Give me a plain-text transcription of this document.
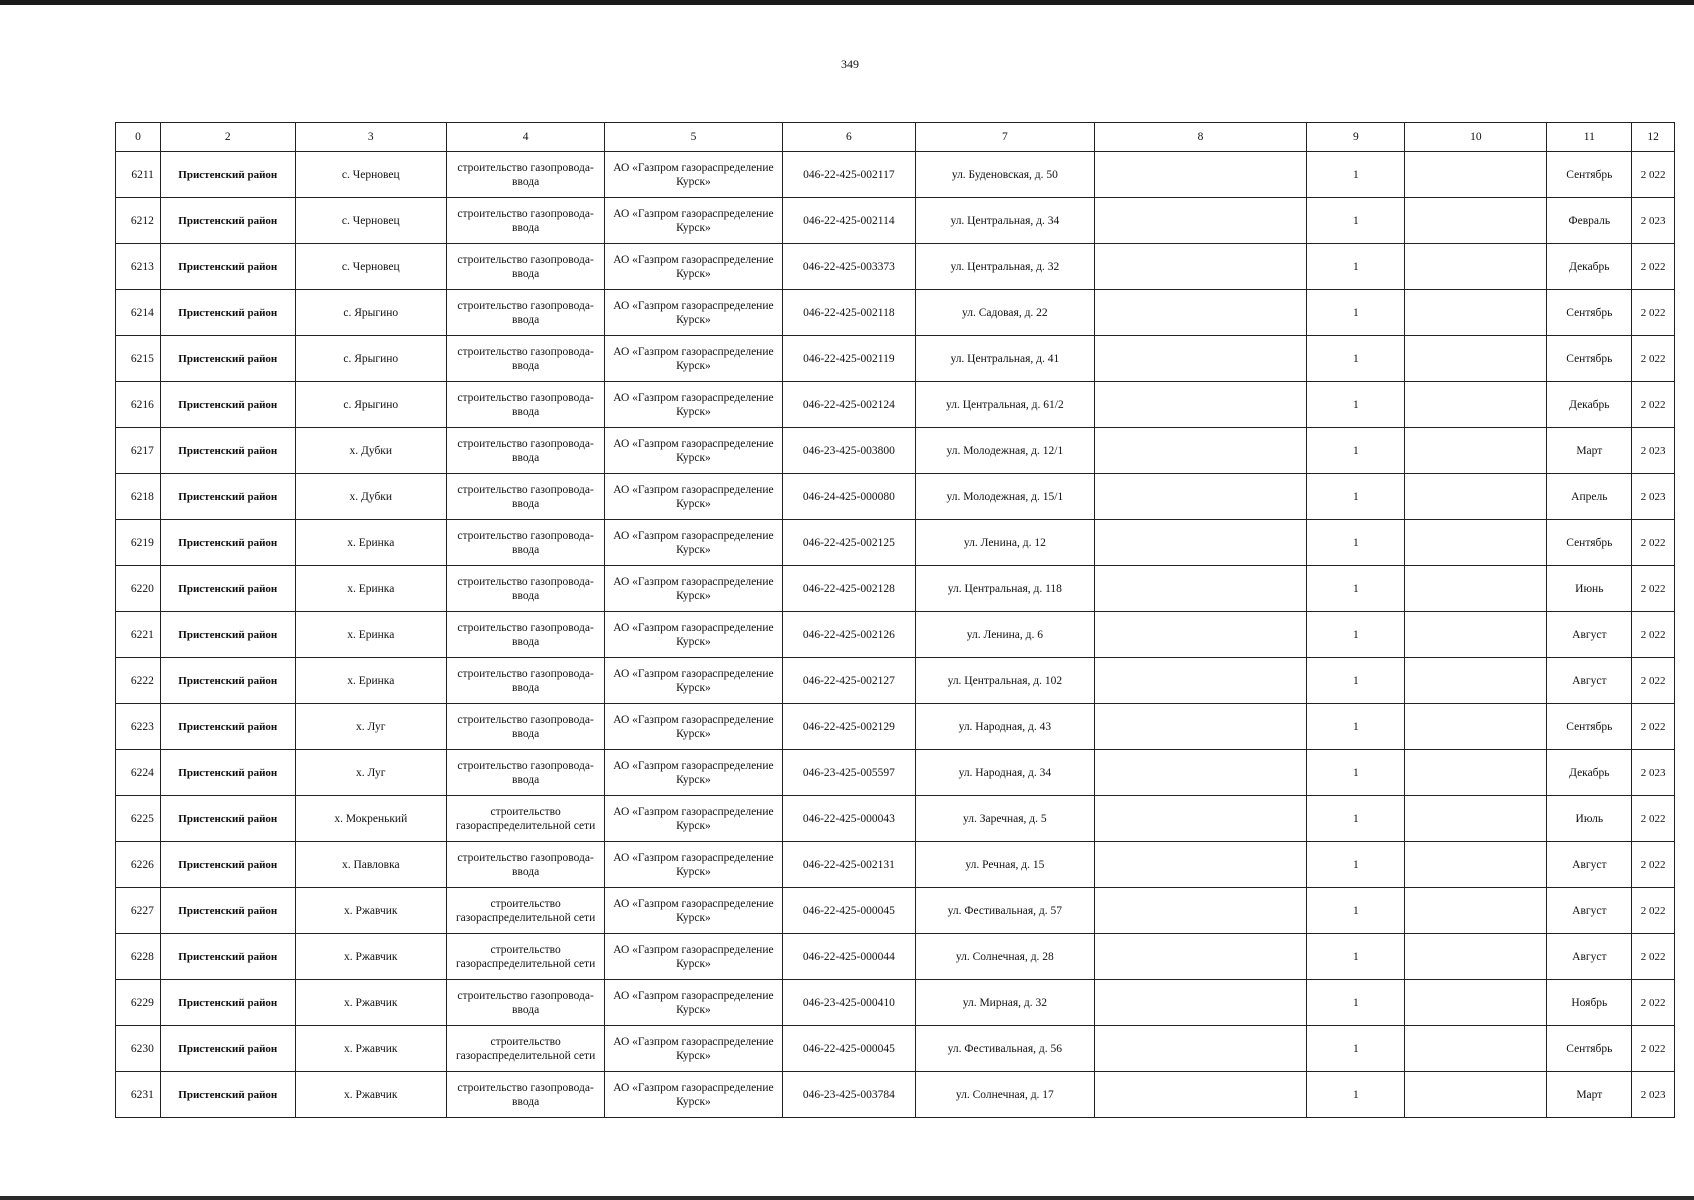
349
0	2	3	4	5	6	7	8	9	10	11	12
6211	Пристенский район	с. Черновец	строительство газопровода-ввода	АО «Газпром газораспределение Курск»	046-22-425-002117	ул. Буденовская, д. 50		1		Сентябрь	2 022
6212	Пристенский район	с. Черновец	строительство газопровода-ввода	АО «Газпром газораспределение Курск»	046-22-425-002114	ул. Центральная, д. 34		1		Февраль	2 023
6213	Пристенский район	с. Черновец	строительство газопровода-ввода	АО «Газпром газораспределение Курск»	046-22-425-003373	ул. Центральная, д. 32		1		Декабрь	2 022
6214	Пристенский район	с. Ярыгино	строительство газопровода-ввода	АО «Газпром газораспределение Курск»	046-22-425-002118	ул. Садовая, д. 22		1		Сентябрь	2 022
6215	Пристенский район	с. Ярыгино	строительство газопровода-ввода	АО «Газпром газораспределение Курск»	046-22-425-002119	ул. Центральная, д. 41		1		Сентябрь	2 022
6216	Пристенский район	с. Ярыгино	строительство газопровода-ввода	АО «Газпром газораспределение Курск»	046-22-425-002124	ул. Центральная, д. 61/2		1		Декабрь	2 022
6217	Пристенский район	х. Дубки	строительство газопровода-ввода	АО «Газпром газораспределение Курск»	046-23-425-003800	ул. Молодежная, д. 12/1		1		Март	2 023
6218	Пристенский район	х. Дубки	строительство газопровода-ввода	АО «Газпром газораспределение Курск»	046-24-425-000080	ул. Молодежная, д. 15/1		1		Апрель	2 023
6219	Пристенский район	х. Еринка	строительство газопровода-ввода	АО «Газпром газораспределение Курск»	046-22-425-002125	ул. Ленина, д. 12		1		Сентябрь	2 022
6220	Пристенский район	х. Еринка	строительство газопровода-ввода	АО «Газпром газораспределение Курск»	046-22-425-002128	ул. Центральная, д. 118		1		Июнь	2 022
6221	Пристенский район	х. Еринка	строительство газопровода-ввода	АО «Газпром газораспределение Курск»	046-22-425-002126	ул. Ленина, д. 6		1		Август	2 022
6222	Пристенский район	х. Еринка	строительство газопровода-ввода	АО «Газпром газораспределение Курск»	046-22-425-002127	ул. Центральная, д. 102		1		Август	2 022
6223	Пристенский район	х. Луг	строительство газопровода-ввода	АО «Газпром газораспределение Курск»	046-22-425-002129	ул. Народная, д. 43		1		Сентябрь	2 022
6224	Пристенский район	х. Луг	строительство газопровода-ввода	АО «Газпром газораспределение Курск»	046-23-425-005597	ул. Народная, д. 34		1		Декабрь	2 023
6225	Пристенский район	х. Мокренький	строительство газораспределительной сети	АО «Газпром газораспределение Курск»	046-22-425-000043	ул. Заречная, д. 5		1		Июль	2 022
6226	Пристенский район	х. Павловка	строительство газопровода-ввода	АО «Газпром газораспределение Курск»	046-22-425-002131	ул. Речная, д. 15		1		Август	2 022
6227	Пристенский район	х. Ржавчик	строительство газораспределительной сети	АО «Газпром газораспределение Курск»	046-22-425-000045	ул. Фестивальная, д. 57		1		Август	2 022
6228	Пристенский район	х. Ржавчик	строительство газораспределительной сети	АО «Газпром газораспределение Курск»	046-22-425-000044	ул. Солнечная, д. 28		1		Август	2 022
6229	Пристенский район	х. Ржавчик	строительство газопровода-ввода	АО «Газпром газораспределение Курск»	046-23-425-000410	ул. Мирная, д. 32		1		Ноябрь	2 022
6230	Пристенский район	х. Ржавчик	строительство газораспределительной сети	АО «Газпром газораспределение Курск»	046-22-425-000045	ул. Фестивальная, д. 56		1		Сентябрь	2 022
6231	Пристенский район	х. Ржавчик	строительство газопровода-ввода	АО «Газпром газораспределение Курск»	046-23-425-003784	ул. Солнечная, д. 17		1		Март	2 023
